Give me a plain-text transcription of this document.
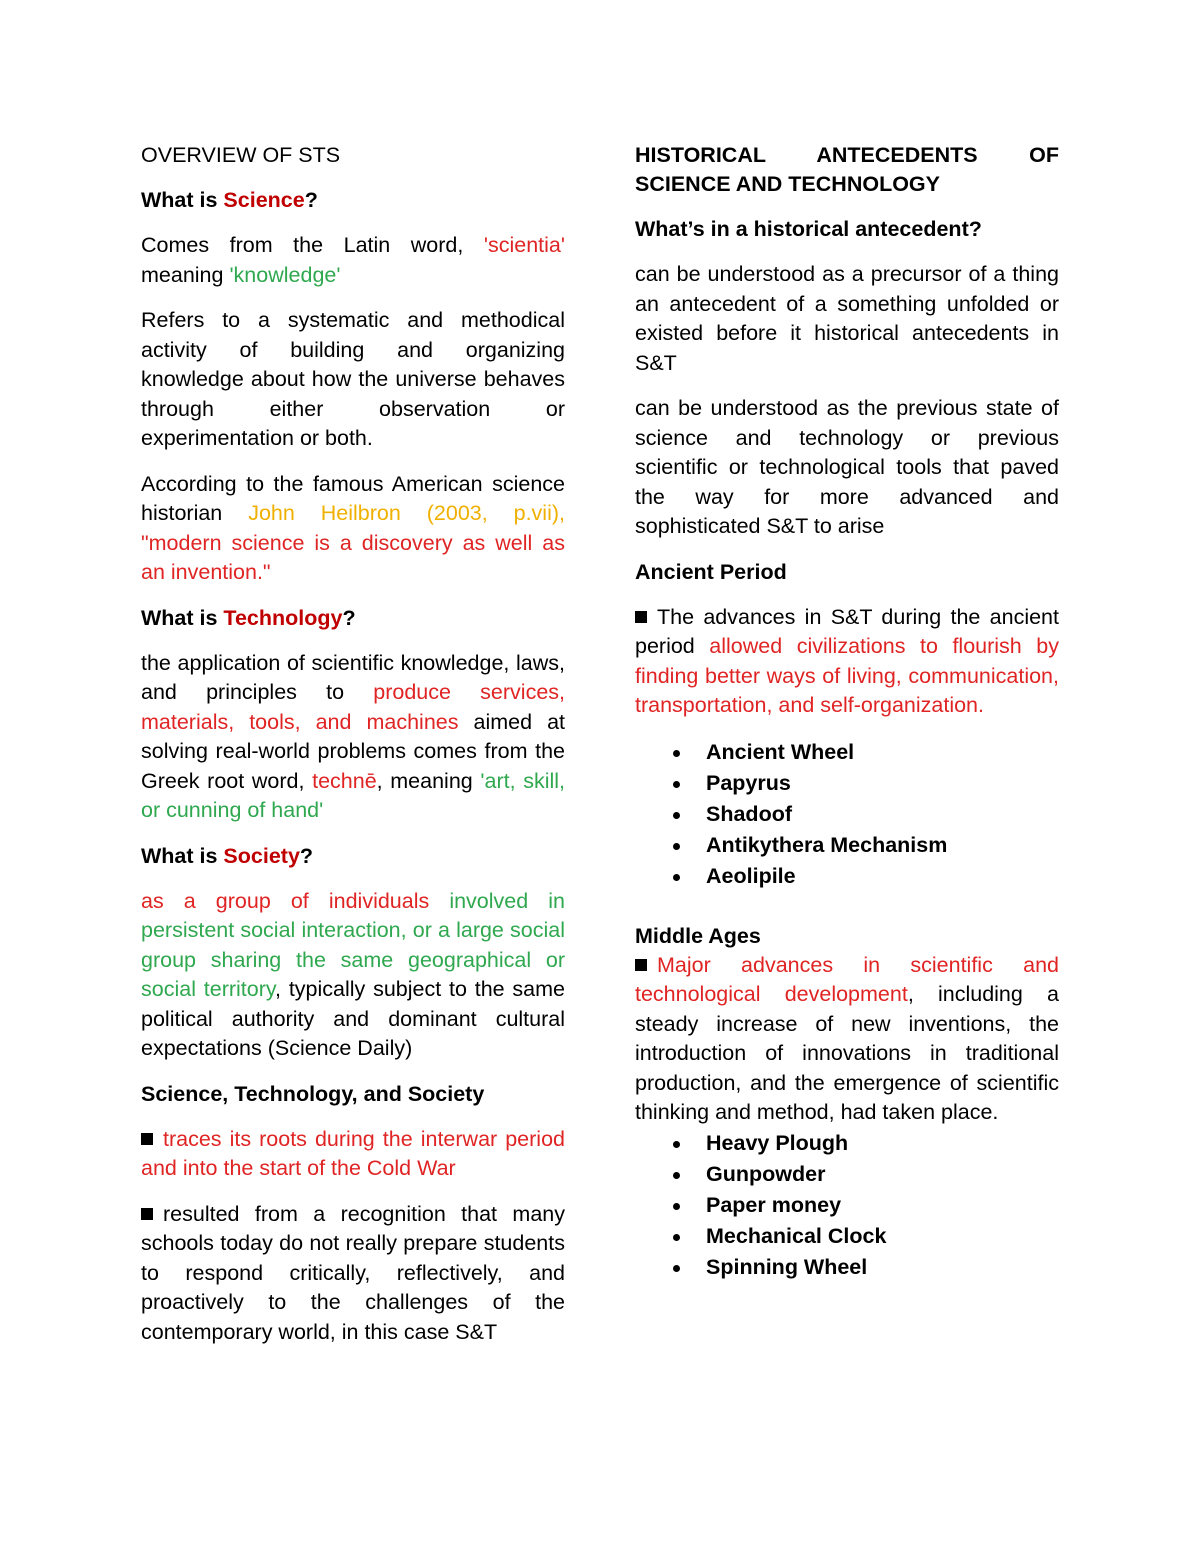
OVERVIEW OF STS
What is Science?

Comes from the Latin word, 'scientia' meaning 'knowledge'

Refers to a systematic and methodical activity of building and organizing knowledge about how the universe behaves through either observation or experimentation or both.

According to the famous American science historian John Heilbron (2003, p.vii), "modern science is a discovery as well as an invention."

What is Technology?

the application of scientific knowledge, laws, and principles to produce services, materials, tools, and machines aimed at solving real-world problems comes from the Greek root word, technē, meaning 'art, skill, or cunning of hand'

What is Society?

as a group of individuals involved in persistent social interaction, or a large social group sharing the same geographical or social territory, typically subject to the same political authority and dominant cultural expectations (Science Daily)

Science, Technology, and Society

traces its roots during the interwar period and into the start of the Cold War

resulted from a recognition that many schools today do not really prepare students to respond critically, reflectively, and proactively to the challenges of the contemporary world, in this case S&T

HISTORICAL ANTECEDENTS OF SCIENCE AND TECHNOLOGY
What’s in a historical antecedent?

can be understood as a precursor of a thing an antecedent of a something unfolded or existed before it historical antecedents in S&T

can be understood as the previous state of science and technology or previous scientific or technological tools that paved the way for more advanced and sophisticated S&T to arise

Ancient Period

The advances in S&T during the ancient period allowed civilizations to flourish by finding better ways of living, communication, transportation, and self-organization.

Ancient Wheel
Papyrus
Shadoof
Antikythera Mechanism
Aeolipile
Middle Ages

Major advances in scientific and technological development, including a steady increase of new inventions, the introduction of innovations in traditional production, and the emergence of scientific thinking and method, had taken place.

Heavy Plough
Gunpowder
Paper money
Mechanical Clock
Spinning Wheel
